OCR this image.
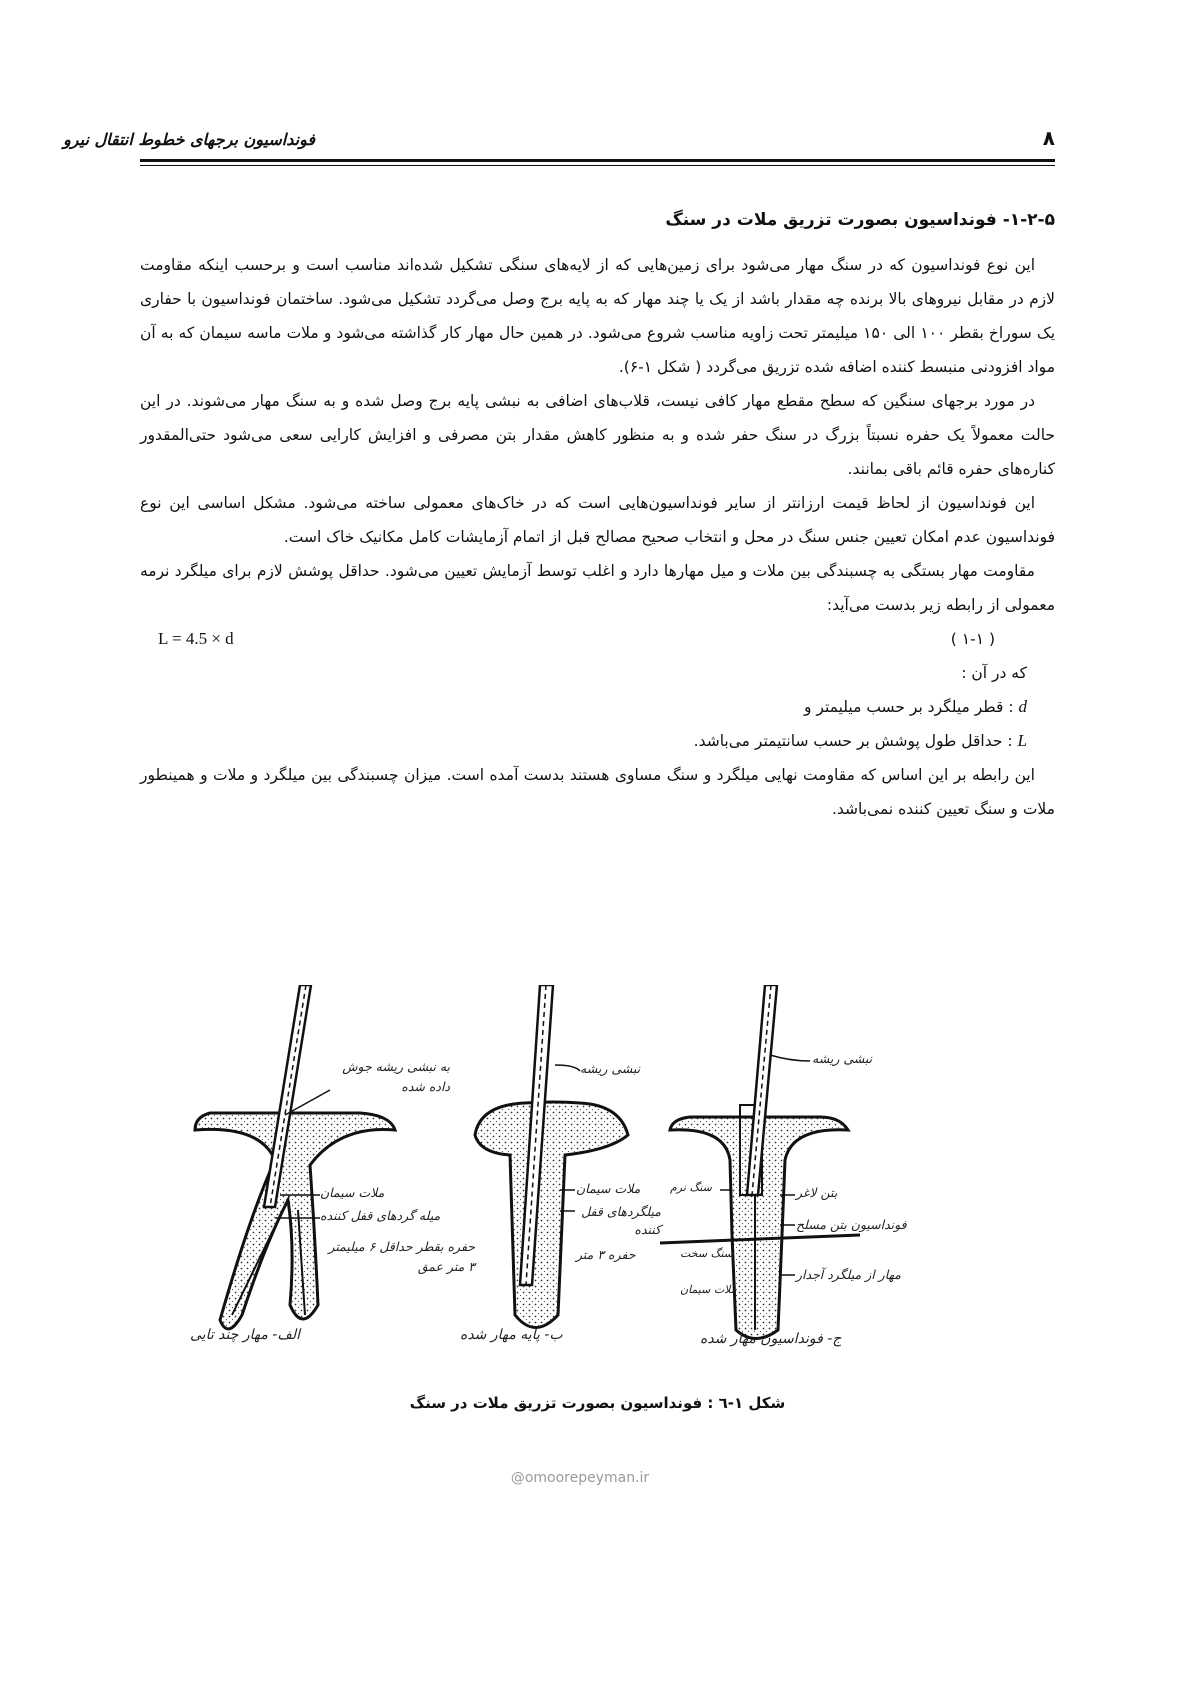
فونداسیون برجهای خطوط انتقال نیرو	۸
۱-۲-۵- فونداسیون بصورت تزریق ملات در سنگ

این نوع فونداسیون که در سنگ مهار می‌شود برای زمین‌هایی که از لایه‌های سنگی تشکیل شده‌اند مناسب است و برحسب اینکه مقاومت لازم در مقابل نیروهای بالا برنده چه مقدار باشد از یک یا چند مهار که به پایه برج وصل می‌گردد تشکیل می‌شود. ساختمان فونداسیون با حفاری یک سوراخ بقطر ۱۰۰ الی ۱۵۰ میلیمتر تحت زاویه مناسب شروع می‌شود. در همین حال مهار کار گذاشته می‌شود و ملات ماسه سیمان که به آن مواد افزودنی منبسط کننده اضافه شده تزریق می‌گردد ( شکل ۱-۶).

در مورد برجهای سنگین که سطح مقطع مهار کافی نیست، قلاب‌های اضافی به نبشی پایه برج وصل شده و به سنگ مهار می‌شوند. در این حالت معمولاً یک حفره نسبتاً بزرگ در سنگ حفر شده و به منظور کاهش مقدار بتن مصرفی و افزایش کارایی سعی می‌شود حتی‌المقدور کناره‌های حفره قائم باقی بمانند.

این فونداسیون از لحاظ قیمت ارزانتر از سایر فونداسیون‌هایی است که در خاک‌های معمولی ساخته می‌شود. مشکل اساسی این نوع فونداسیون عدم امکان تعیین جنس سنگ در محل و انتخاب صحیح مصالح قبل از اتمام آزمایشات کامل مکانیک خاک است.

مقاومت مهار بستگی به چسبندگی بین ملات و میل مهارها دارد و اغلب توسط آزمایش تعیین می‌شود. حداقل پوشش لازم برای میلگرد نرمه معمولی از رابطه زیر بدست می‌آید:

( ۱-۱ )
L = 4.5 × d

که در آن :

d : قطر میلگرد بر حسب میلیمتر و

L : حداقل طول پوشش بر حسب سانتیمتر می‌باشد.

این رابطه بر این اساس که مقاومت نهایی میلگرد و سنگ مساوی هستند بدست آمده است. میزان چسبندگی بین میلگرد و ملات و همینطور ملات و سنگ تعیین کننده نمی‌باشد.

به نبشی ریشه جوش داده شده
ملات سیمان
میله گردهای قفل کننده
حفره بقطر حداقل ۶ میلیمتر ۳ متر عمق
الف- مهار چند تایی
نبشی ریشه
ملات سیمان
میلگردهای قفل کننده
حفره ۳ متر
ب- پایه مهار شده
نبشی ریشه
بتن لاغر
سنگ نرم
فونداسیون بتن مسلح
سنگ سخت
مهار از میلگرد آجدار
ملات سیمان
ج- فونداسیون مهار شده
شکل ۱-٦ : فونداسیون بصورت تزریق ملات در سنگ
@omoorepeyman.ir
